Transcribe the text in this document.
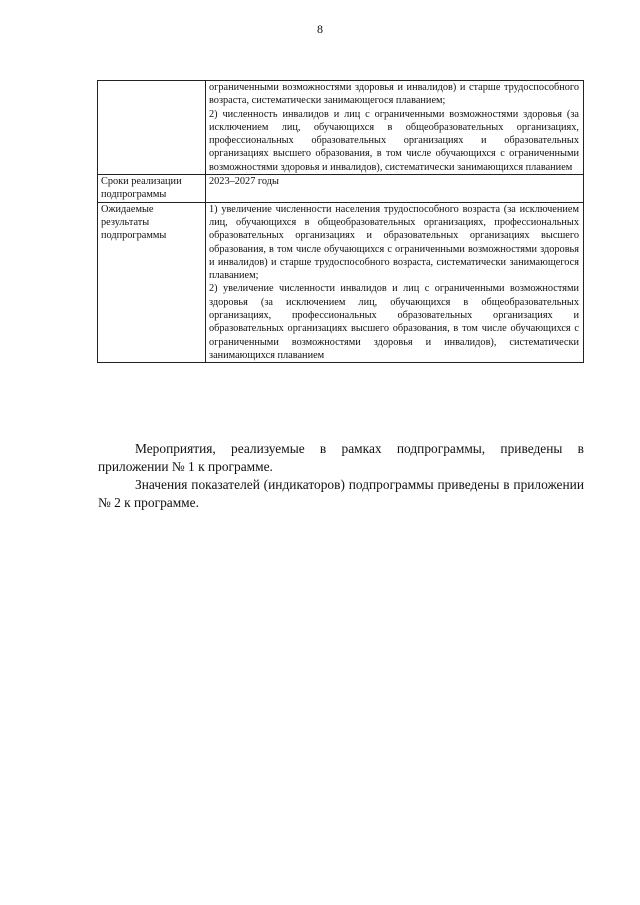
8

	ограниченными возможностями здоровья и инвалидов) и старше трудоспособного возраста, систематически занимающегося плаванием;
2) численность инвалидов и лиц с ограниченными возможностями здоровья (за исключением лиц, обучающихся в общеобразовательных организациях, профессиональных образовательных организациях и образовательных организациях высшего образования, в том числе обучающихся с ограниченными возможностями здоровья и инвалидов), систематически занимающихся плаванием

Сроки реализации подпрограммы	2023–2027 годы

Ожидаемые результаты подпрограммы	1) увеличение численности населения трудоспособного возраста (за исключением лиц, обучающихся в общеобразовательных организациях, профессиональных образовательных организациях и образовательных организациях высшего образования, в том числе обучающихся с ограниченными возможностями здоровья и инвалидов) и старше трудоспособного возраста, систематически занимающегося плаванием;
2) увеличение численности инвалидов и лиц с ограниченными возможностями здоровья (за исключением лиц, обучающихся в общеобразовательных организациях, профессиональных образовательных организациях и образовательных организациях высшего образования, в том числе обучающихся с ограниченными возможностями здоровья и инвалидов), систематически занимающихся плаванием

Мероприятия, реализуемые в рамках подпрограммы, приведены в приложении № 1 к программе.

Значения показателей (индикаторов) подпрограммы приведены в приложении № 2 к программе.
